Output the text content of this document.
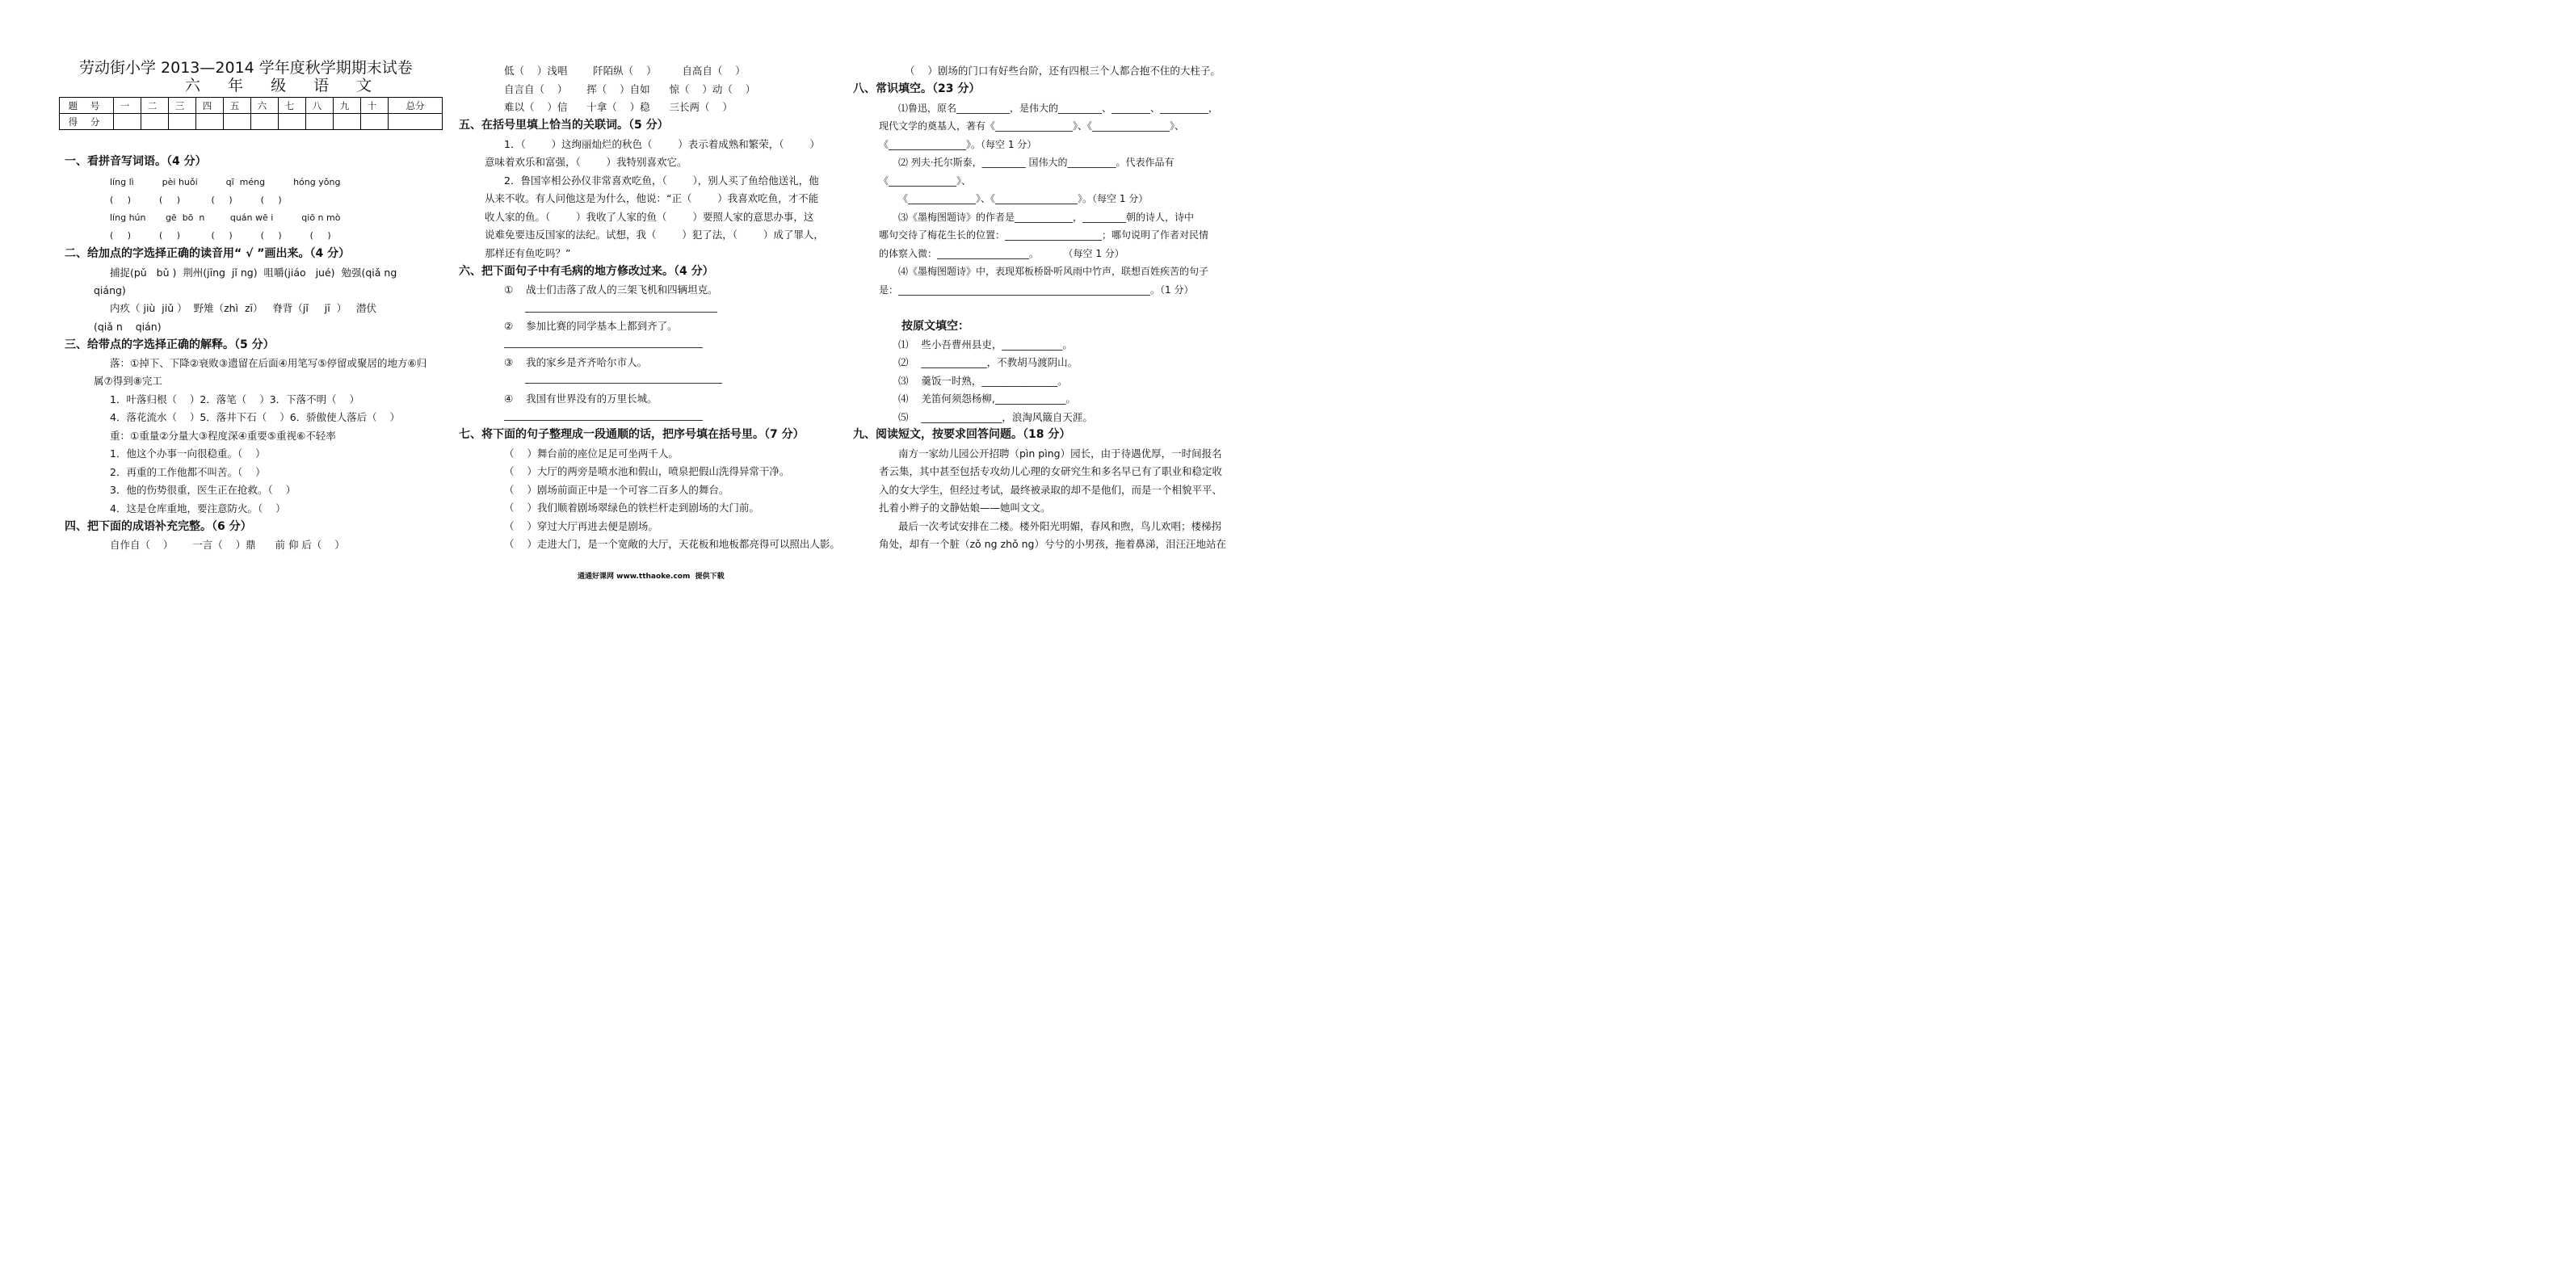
劳动街小学 2013—2014 学年度秋学期期末试卷
六 年 级 语 文
题 号	一	二	三	四	五	六	七	八	九	十	总分
得 分											
一、看拼音写词语。（4 分）
líng lì          pèi huǒi          qī  méng          hóng yǒng
(     )          (     )           (     )          (     )
líng hún       gē  bō  n         quán wē i          qiō n mò
(     )          (     )           (     )          (     )          (     )
二、给加点的字选择正确的读音用“ √ ”画出来。（4 分）
捕捉(pǔ   bǔ )  荆州(jīng  jǐ ng)  咀嚼(jiáo   jué)  勉强(qiǎ ng
qiáng)
内疚（ jiù  jiǔ ）  野雉（zhì  zī）   脊背（jǐ     jī  ）   潜伏
(qiǎ n    qián)
三、给带点的字选择正确的解释。（5 分）
落：①掉下、下降②衰败③遗留在后面④用笔写⑤停留或聚居的地方⑥归
属⑦得到⑧完工
1．叶落归根（    ）2．落笔（    ）3．下落不明（    ）
4．落花流水（    ）5．落井下石（    ）6．骄傲使人落后（    ）
重：①重量②分量大③程度深④重要⑤重视⑥不轻率
1．他这个办事一向很稳重。（    ）
2．再重的工作他都不叫苦。（    ）
3．他的伤势很重，医生正在抢救。（    ）
4．这是仓库重地，要注意防火。（    ）
四、把下面的成语补充完整。（6 分）
自作自（    ）      一言（    ）鼎      前 仰 后（    ）
低（    ）浅唱        阡陌纵（    ）        自高自（    ）
自言自（    ）      挥（    ）自如      惊（    ）动（    ）
难以（    ）信      十拿（    ）稳      三长两（    ）
五、在括号里填上恰当的关联词。（5 分）
1．（        ）这绚丽灿烂的秋色（        ）表示着成熟和繁荣，（        ）
意味着欢乐和富强，（        ）我特别喜欢它。
2．鲁国宰相公孙仪非常喜欢吃鱼，（        ），别人买了鱼给他送礼，他
从来不收。有人问他这是为什么，他说：“正（        ）我喜欢吃鱼，才不能
收人家的鱼。（        ）我收了人家的鱼（        ）要照人家的意思办事，这
说难免要违反国家的法纪。试想，我（        ）犯了法，（        ）成了罪人，
那样还有鱼吃吗？”
六、把下面句子中有毛病的地方修改过来。（4 分）
①    战士们击落了敌人的三架飞机和四辆坦克。
②    参加比赛的同学基本上都到齐了。
③    我的家乡是齐齐哈尔市人。
④    我国有世界没有的万里长城。
七、将下面的句子整理成一段通顺的话，把序号填在括号里。（7 分）
（    ）舞台前的座位足足可坐两千人。
（    ）大厅的两旁是喷水池和假山，喷泉把假山洗得异常干净。
（    ）剧场前面正中是一个可容二百多人的舞台。
（    ）我们顺着剧场翠绿色的铁栏杆走到剧场的大门前。
（    ）穿过大厅再进去便是剧场。
（    ）走进大门，是一个宽敞的大厅，天花板和地板都亮得可以照出人影。
（    ）剧场的门口有好些台阶，还有四根三个人都合抱不住的大柱子。
八、常识填空。（23 分）
⑴鲁迅，原名___________，是伟大的_________、________、__________，
现代文学的奠基人，著有《________________》、《________________》、
《________________》。（每空 1 分）
⑵ 列夫·托尔斯泰，_________ 国伟大的__________。代表作品有
《______________》、
《______________》、《_________________》。（每空 1 分）
⑶《墨梅图题诗》的作者是____________，_________朝的诗人，诗中
哪句交待了梅花生长的位置：____________________；哪句说明了作者对民情
的体察入微：___________________。        （每空 1 分）
⑷《墨梅图题诗》中，表现郑板桥卧听风雨中竹声，联想百姓疾苦的句子
是：____________________________________________________。（1 分）
按原文填空：
⑴    些小吾曹州县吏，____________。
⑵    _____________，不教胡马渡阴山。
⑶    羹饭一时熟，_______________。
⑷    羌笛何须怨杨柳,______________。
⑸    ________________，浪淘风簸自天涯。
九、阅读短文，按要求回答问题。（18 分）
南方一家幼儿园公开招聘（pìn pìng）园长，由于待遇优厚，一时间报名
者云集，其中甚至包括专攻幼儿心理的女研究生和多名早已有了职业和稳定收
入的女大学生，但经过考试，最终被录取的却不是他们，而是一个相貌平平、
扎着小辫子的文静姑娘——她叫文文。
最后一次考试安排在二楼。楼外阳光明媚，春风和煦，鸟儿欢唱；楼梯拐
角处，却有一个脏（zǒ ng zhǒ ng）兮兮的小男孩，拖着鼻涕，泪汪汪地站在
通通好课网 www.tthaoke.com  提供下载
